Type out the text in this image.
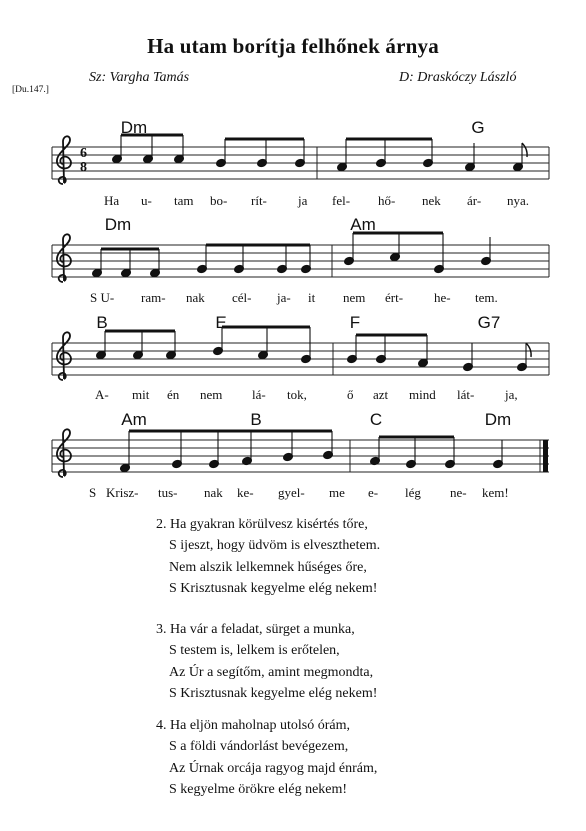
Ha utam borítja felhőnek árnya
Sz: Vargha Tamás	D: Draskóczy László
[Du.147.]
Dm	G
Dm	Am
B	E	F	G7
Am	B	C	Dm
6
8
Ha u- tam bo- rít- ja fel- hő- nek ár- nya.
S U- ram- nak cél- ja- it nem ért- he- tem.
A- mit én nem lá- tok,	ő azt mind lát- ja,
S Krisz- tus- nak ke- gyel- me e- lég ne- kem!
2. Ha gyakran körülvesz kisértés tőre,
S ijeszt, hogy üdvöm is elveszthetem.
Nem alszik lelkemnek hűséges őre,
S Krisztusnak kegyelme elég nekem!
3. Ha vár a feladat, sürget a munka,
S testem is, lelkem is erőtelen,
Az Úr a segítőm, amint megmondta,
S Krisztusnak kegyelme elég nekem!
4. Ha eljön maholnap utolsó órám,
S a földi vándorlást bevégezem,
Az Úrnak orcája ragyog majd énrám,
S kegyelme örökre elég nekem!
